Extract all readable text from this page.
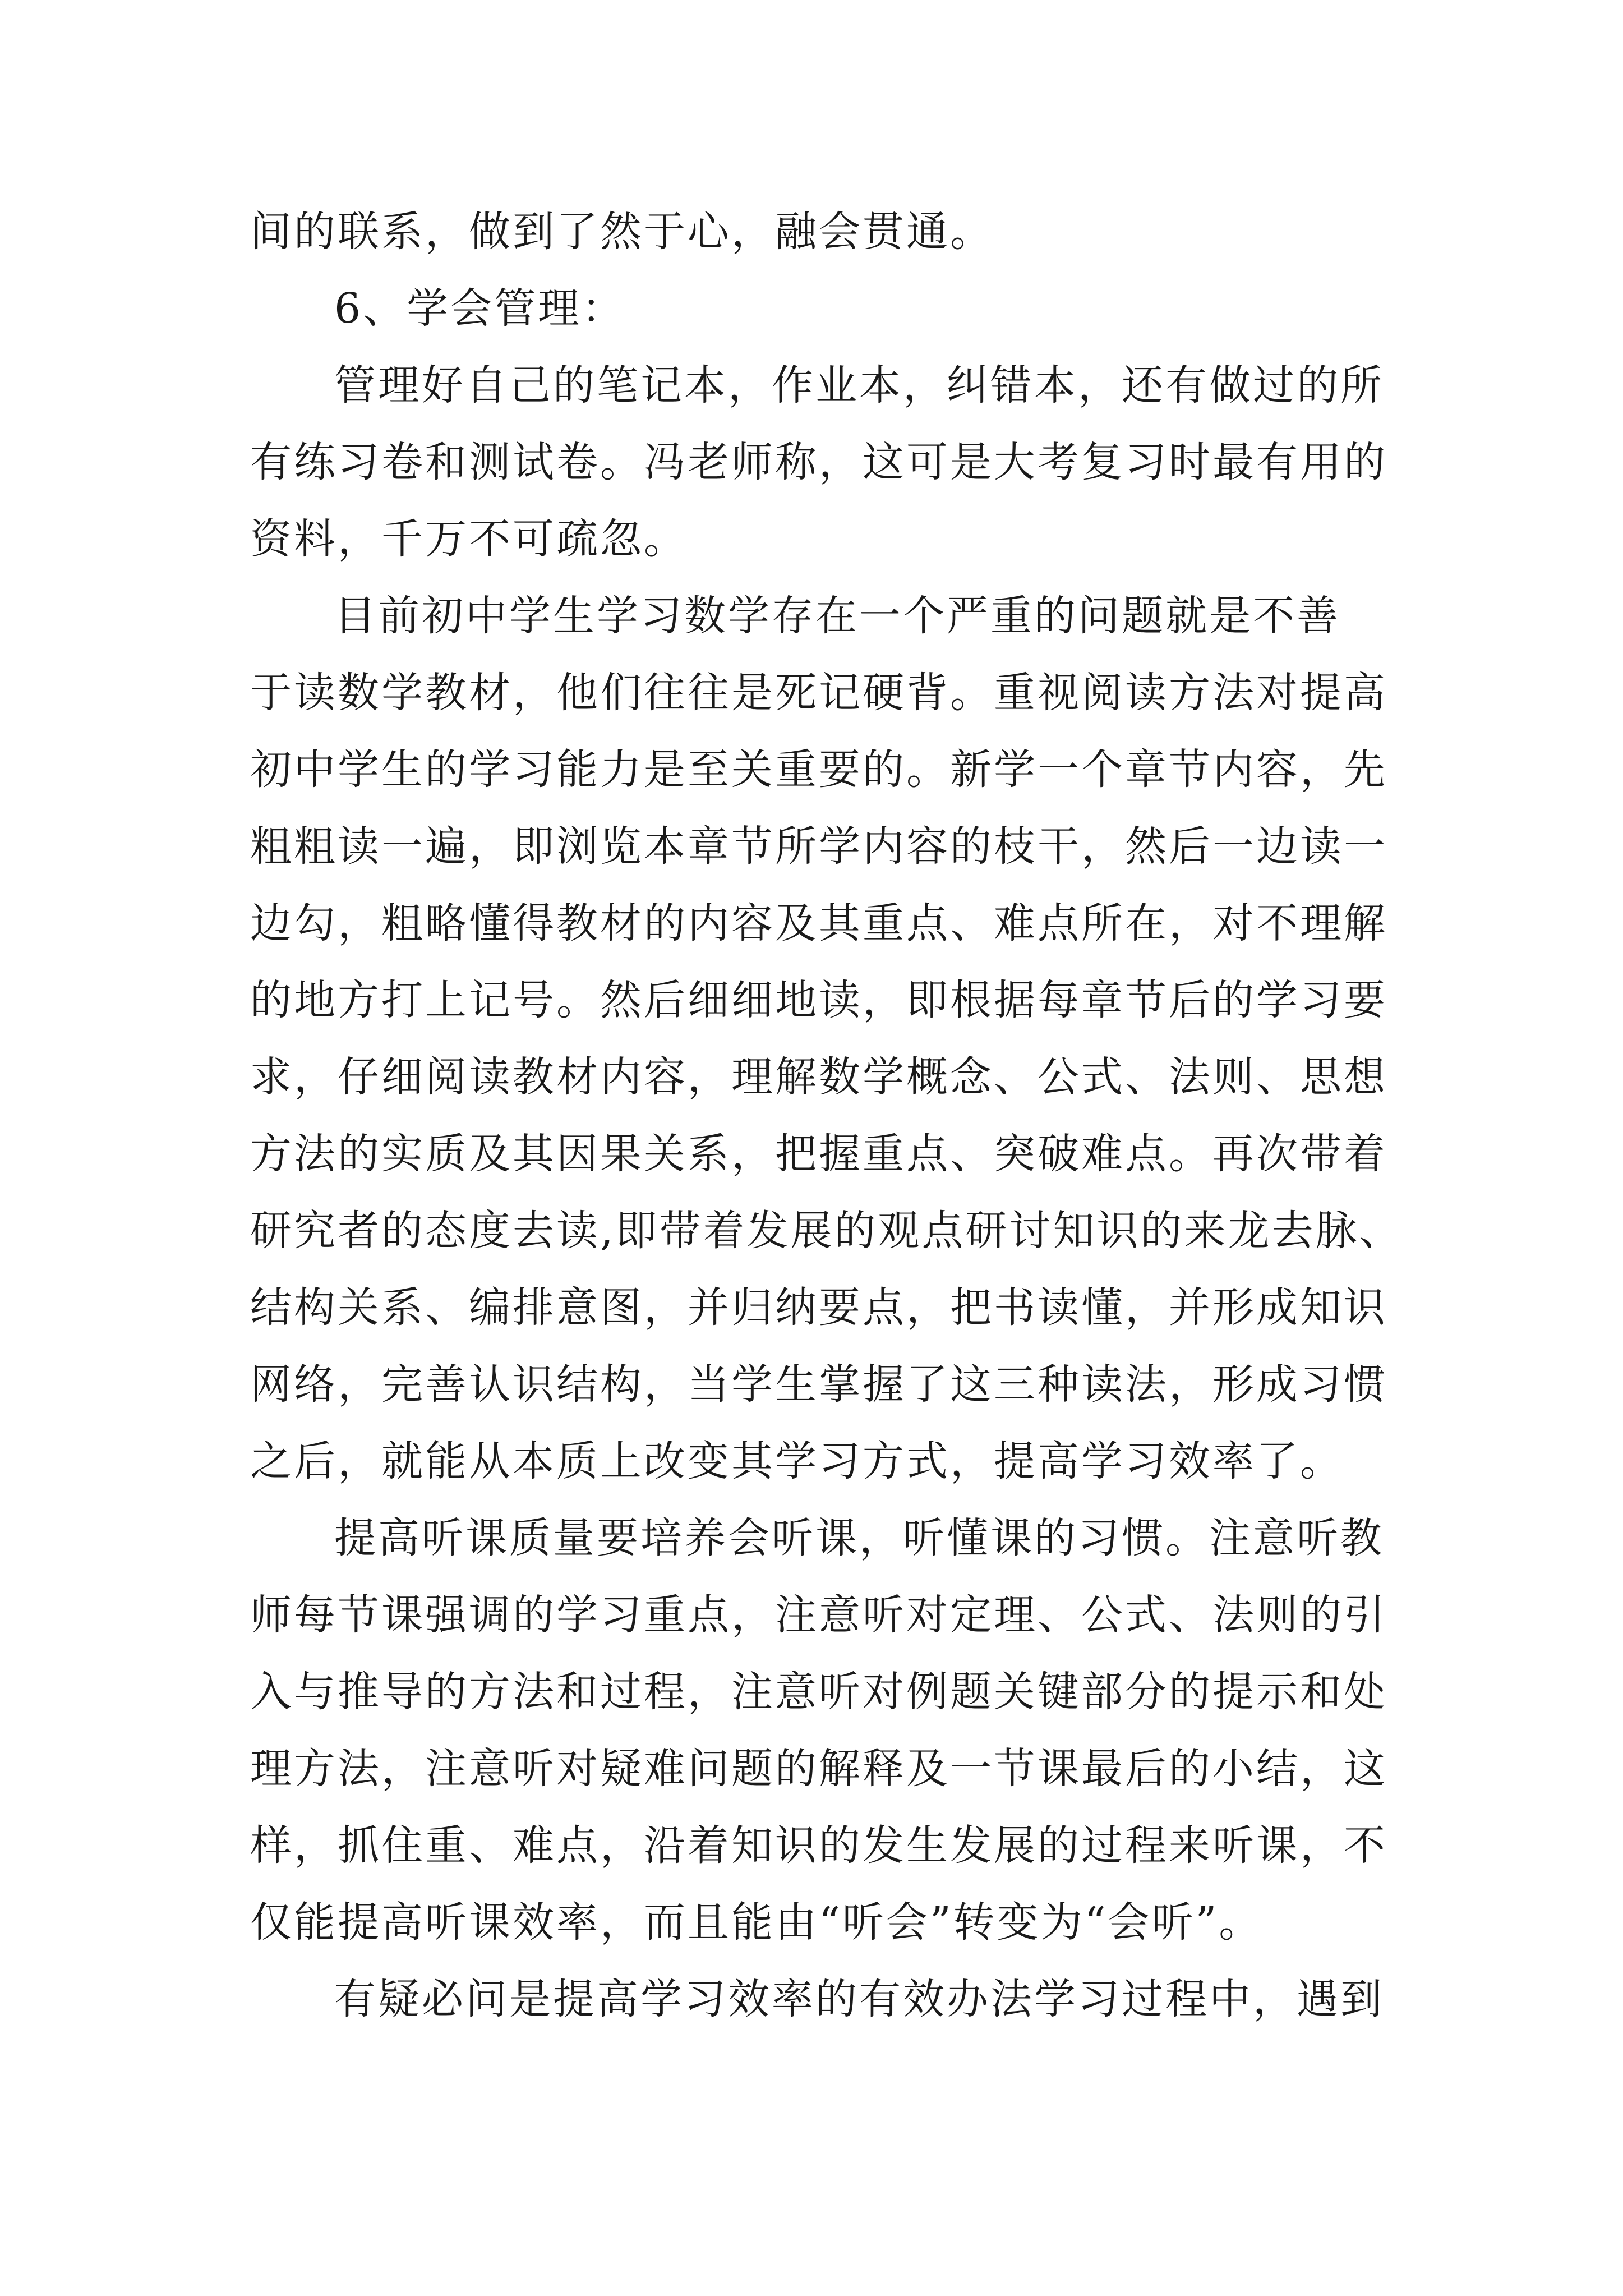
间的联系，做到了然于心，融会贯通。

6、学会管理：

管理好自己的笔记本，作业本，纠错本，还有做过的所
有练习卷和测试卷。冯老师称，这可是大考复习时最有用的
资料，千万不可疏忽。

目前初中学生学习数学存在一个严重的问题就是不善
于读数学教材，他们往往是死记硬背。重视阅读方法对提高
初中学生的学习能力是至关重要的。新学一个章节内容，先
粗粗读一遍，即浏览本章节所学内容的枝干，然后一边读一
边勾，粗略懂得教材的内容及其重点、难点所在，对不理解
的地方打上记号。然后细细地读，即根据每章节后的学习要
求，仔细阅读教材内容，理解数学概念、公式、法则、思想
方法的实质及其因果关系，把握重点、突破难点。再次带着
研究者的态度去读,即带着发展的观点研讨知识的来龙去脉、
结构关系、编排意图，并归纳要点，把书读懂，并形成知识
网络，完善认识结构，当学生掌握了这三种读法，形成习惯
之后，就能从本质上改变其学习方式，提高学习效率了。

提高听课质量要培养会听课，听懂课的习惯。注意听教
师每节课强调的学习重点，注意听对定理、公式、法则的引
入与推导的方法和过程，注意听对例题关键部分的提示和处
理方法，注意听对疑难问题的解释及一节课最后的小结，这
样，抓住重、难点，沿着知识的发生发展的过程来听课，不
仅能提高听课效率，而且能由“听会”转变为“会听”。

有疑必问是提高学习效率的有效办法学习过程中，遇到
